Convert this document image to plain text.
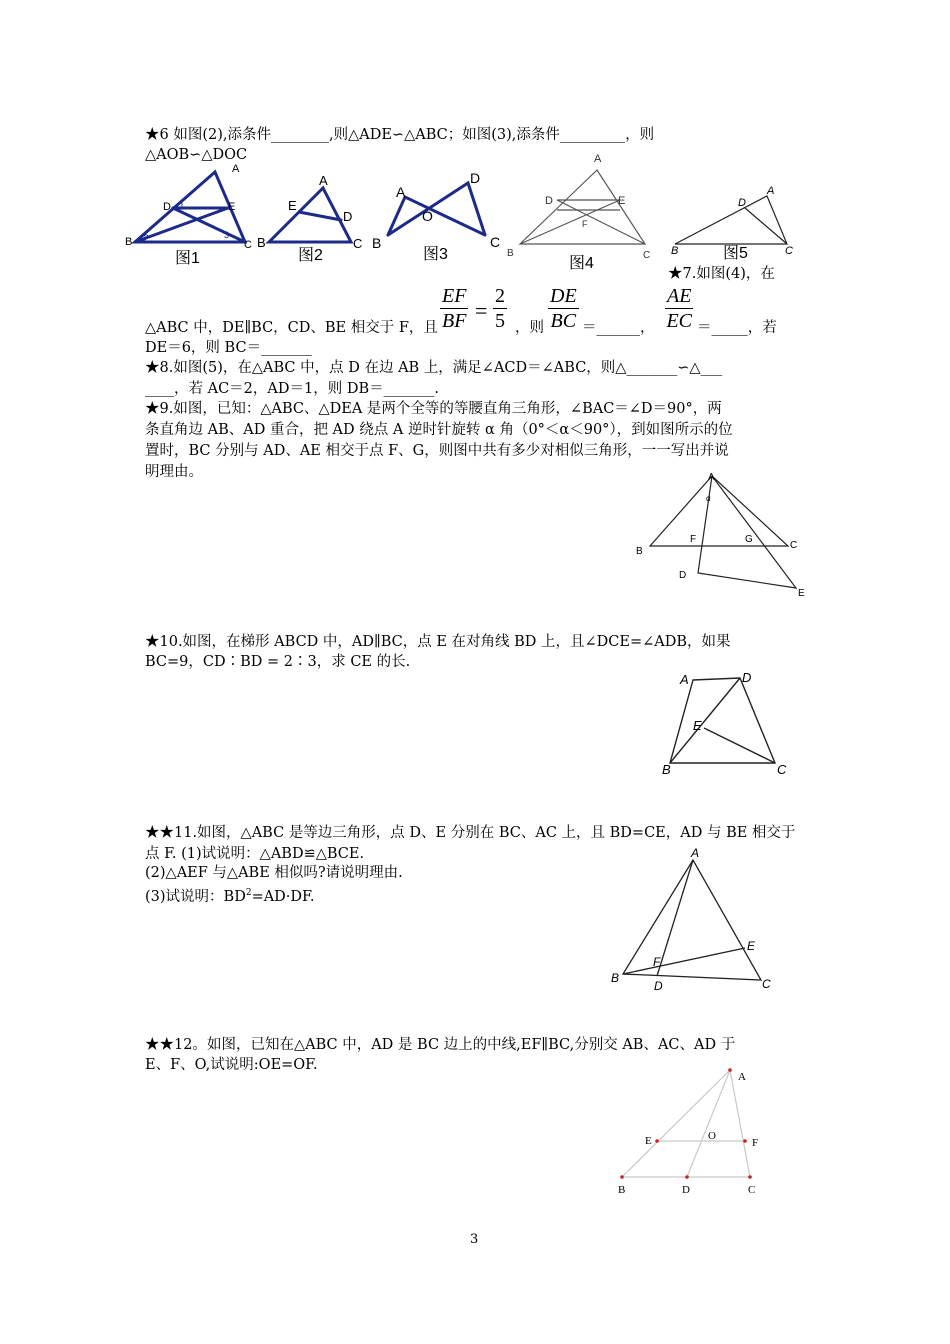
★6 如图(2),添条件________,则△ADE∽△ABC；如图(3),添条件_________，则
△AOB∽△DOC
A
B	C
D	E
1
2	3
图1
A
B	C
D
E
图2
A
B	C
D
O
图3
A
B	C
D	E
F
图4
A
B	C
D
图5
★7.如图(4)，在
$\frac{EF}{BF} = \frac{2}{5}$ ，则 $\frac{DE}{BC}$ ＝______， $\frac{AE}{EC}$ ＝_____，若
△ABC 中，DE∥BC，CD、BE 相交于 F，且
DE＝6，则 BC＝_______
★8.如图(5)，在△ABC 中，点 D 在边 AB 上，满足∠ACD＝∠ABC，则△_______∽△___
____，若 AC＝2，AD＝1，则 DB＝_______.
★9.如图，已知：△ABC、△DEA 是两个全等的等腰直角三角形，∠BAC＝∠D＝90°，两
条直角边 AB、AD 重合，把 AD 绕点 A 逆时针旋转 α 角（0°＜α＜90°），到如图所示的位
置时，BC 分别与 AD、AE 相交于点 F、G，则图中共有多少对相似三角形，一一写出并说
明理由。	A
α
B
C
D
E
F	G
★10.如图，在梯形 ABCD 中，AD∥BC，点 E 在对角线 BD 上，且∠DCE=∠ADB，如果
BC=9，CD∶BD = 2∶3，求 CE 的长.
A	D
B	C
E
★★11.如图，△ABC 是等边三角形，点 D、E 分别在 BC、AC 上，且 BD=CE，AD 与 BE 相交于
点 F. (1)试说明：△ABD≌△BCE.
(2)△AEF 与△ABE 相似吗?请说明理由.
(3)试说明：$BD^2=AD\cdot DF$.
A
B	C
D
E
F
★★12。如图，已知在△ABC 中，AD 是 BC 边上的中线,EF∥BC,分别交 AB、AC、AD 于
E、F、O,试说明:OE=OF.
A
E	F
O
B	D	C
3
